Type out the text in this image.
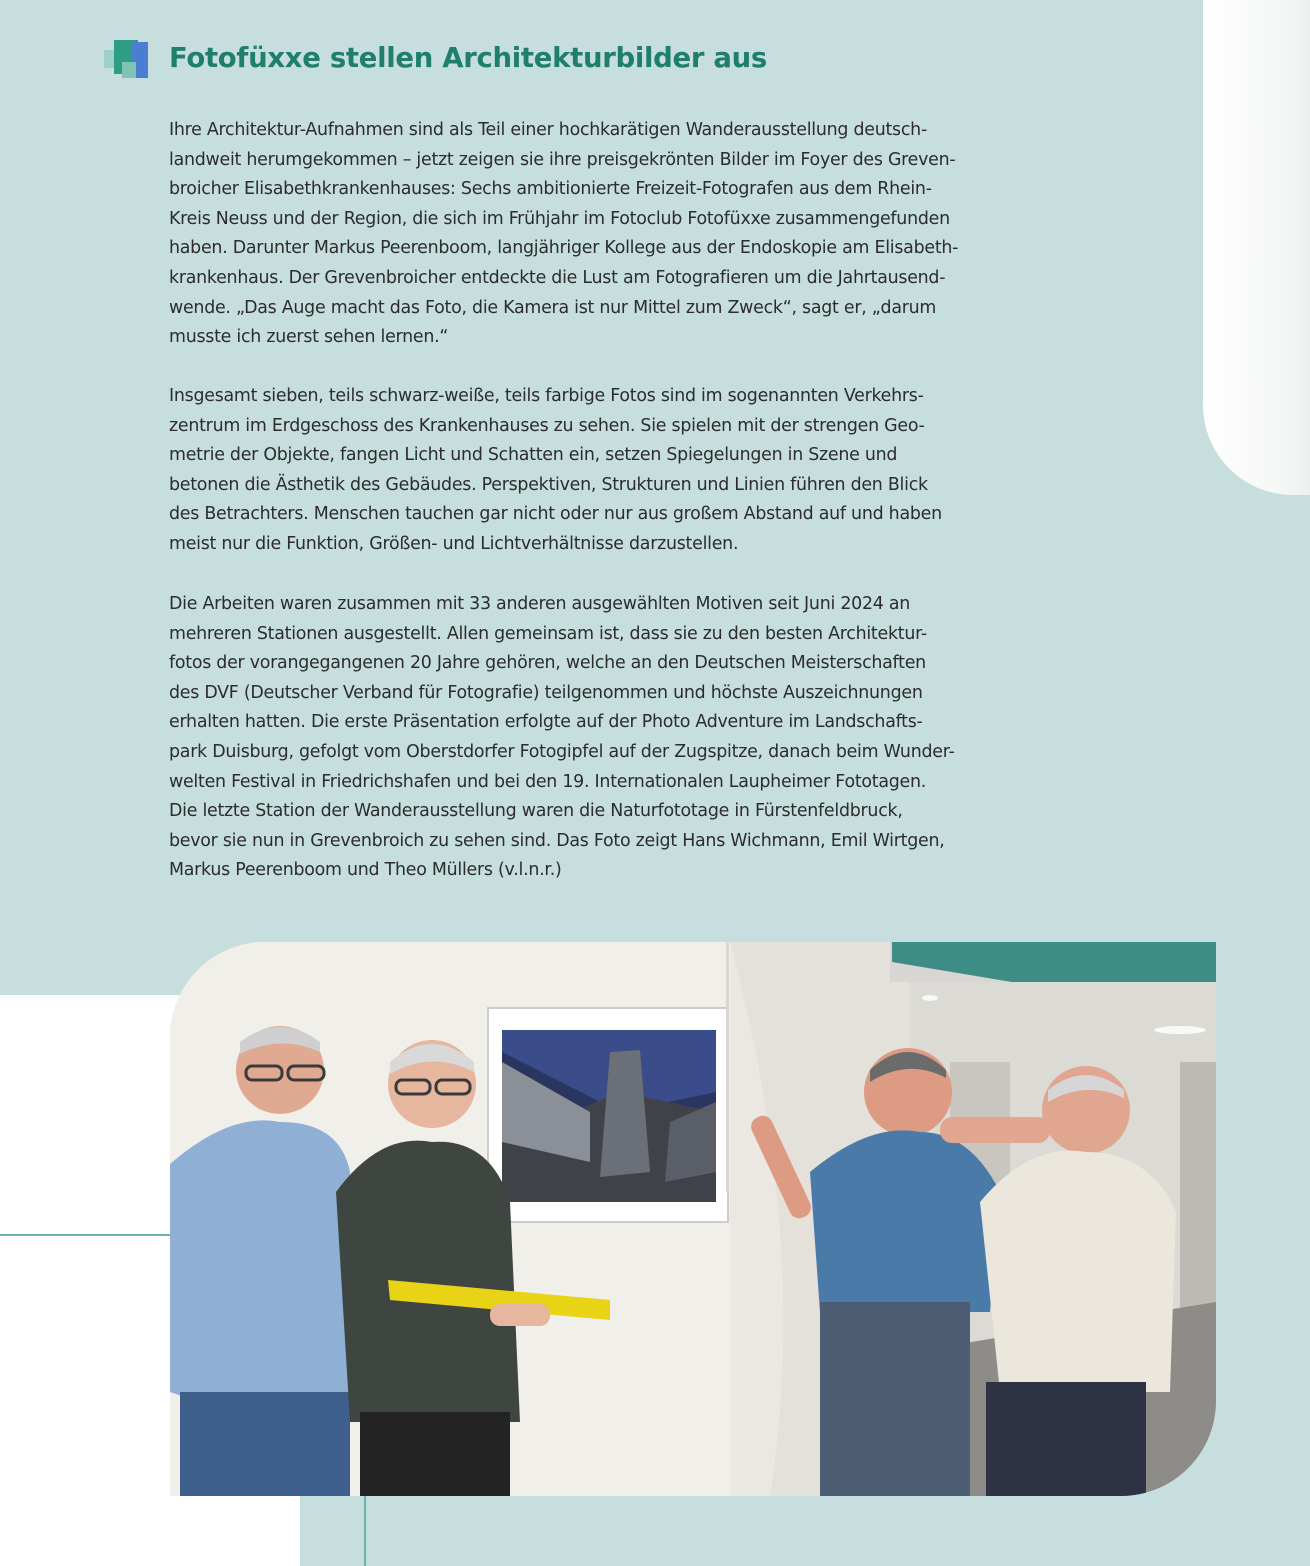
Fotofüxxe stellen Architekturbilder aus

Ihre Architektur-Aufnahmen sind als Teil einer hochkarätigen Wanderausstellung deutsch-
landweit herumgekommen – jetzt zeigen sie ihre preisgekrönten Bilder im Foyer des Greven-
broicher Elisabethkrankenhauses: Sechs ambitionierte Freizeit-Fotografen aus dem Rhein-
Kreis Neuss und der Region, die sich im Frühjahr im Fotoclub Fotofüxxe zusammengefunden
haben. Darunter Markus Peerenboom, langjähriger Kollege aus der Endoskopie am Elisabeth-
krankenhaus. Der Grevenbroicher entdeckte die Lust am Fotografieren um die Jahrtausend-
wende. „Das Auge macht das Foto, die Kamera ist nur Mittel zum Zweck“, sagt er, „darum
musste ich zuerst sehen lernen.“

Insgesamt sieben, teils schwarz-weiße, teils farbige Fotos sind im sogenannten Verkehrs-
zentrum im Erdgeschoss des Krankenhauses zu sehen. Sie spielen mit der strengen Geo-
metrie der Objekte, fangen Licht und Schatten ein, setzen Spiegelungen in Szene und
betonen die Ästhetik des Gebäudes. Perspektiven, Strukturen und Linien führen den Blick
des Betrachters. Menschen tauchen gar nicht oder nur aus großem Abstand auf und haben
meist nur die Funktion, Größen- und Lichtverhältnisse darzustellen.

Die Arbeiten waren zusammen mit 33 anderen ausgewählten Motiven seit Juni 2024 an
mehreren Stationen ausgestellt. Allen gemeinsam ist, dass sie zu den besten Architektur-
fotos der vorangegangenen 20 Jahre gehören, welche an den Deutschen Meisterschaften
des DVF (Deutscher Verband für Fotografie) teilgenommen und höchste Auszeichnungen
erhalten hatten. Die erste Präsentation erfolgte auf der Photo Adventure im Landschafts-
park Duisburg, gefolgt vom Oberstdorfer Fotogipfel auf der Zugspitze, danach beim Wunder-
welten Festival in Friedrichshafen und bei den 19. Internationalen Laupheimer Fototagen.
Die letzte Station der Wanderausstellung waren die Naturfototage in Fürstenfeldbruck,
bevor sie nun in Grevenbroich zu sehen sind. Das Foto zeigt Hans Wichmann, Emil Wirtgen,
Markus Peerenboom und Theo Müllers (v.l.n.r.)
